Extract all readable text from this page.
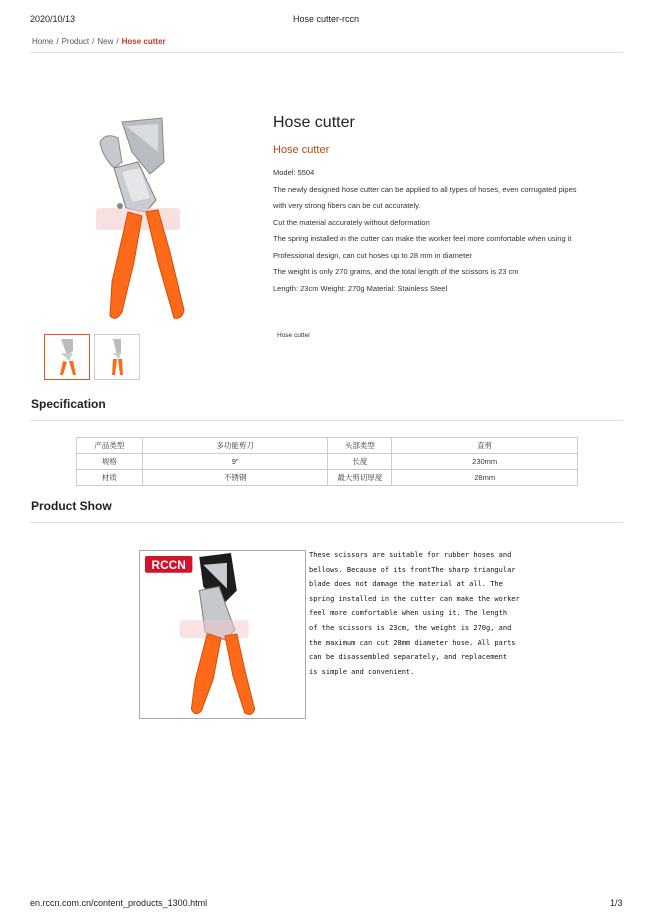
2020/10/13	Hose cutter-rccn
Home / Product / New / Hose cutter
Hose cutter
Hose cutter
Model: 5504
The newly designed hose cutter can be applied to all types of hoses, even corrugated pipes
with very strong fibers can be cut accurately.
Cut the material accurately without deformation
The spring installed in the cutter can make the worker feel more comfortable when using it
Professional design, can cut hoses up to 28 mm in diameter
The weight is only 270 grams, and the total length of the scissors is 23 cm
Length: 23cm Weight: 270g Material: Stainless Steel
Hose cutter
Specification
产品类型	多功能剪刀	头部类型	直剪
规格	9"	长度	230mm
材质	不锈钢	最大剪切厚度	28mm
Product Show
RCCN

These scissors are suitable for rubber hoses and

bellows. Because of its frontThe sharp triangular

blade does not damage the material at all. The

spring installed in the cutter can make the worker

feel more comfortable when using it. The length

of the scissors is 23cm, the weight is 270g, and

the maximum can cut 28mm diameter hose. All parts

can be disassembled separately, and replacement

is simple and convenient.

en.rccn.com.cn/content_products_1300.html	1/3
